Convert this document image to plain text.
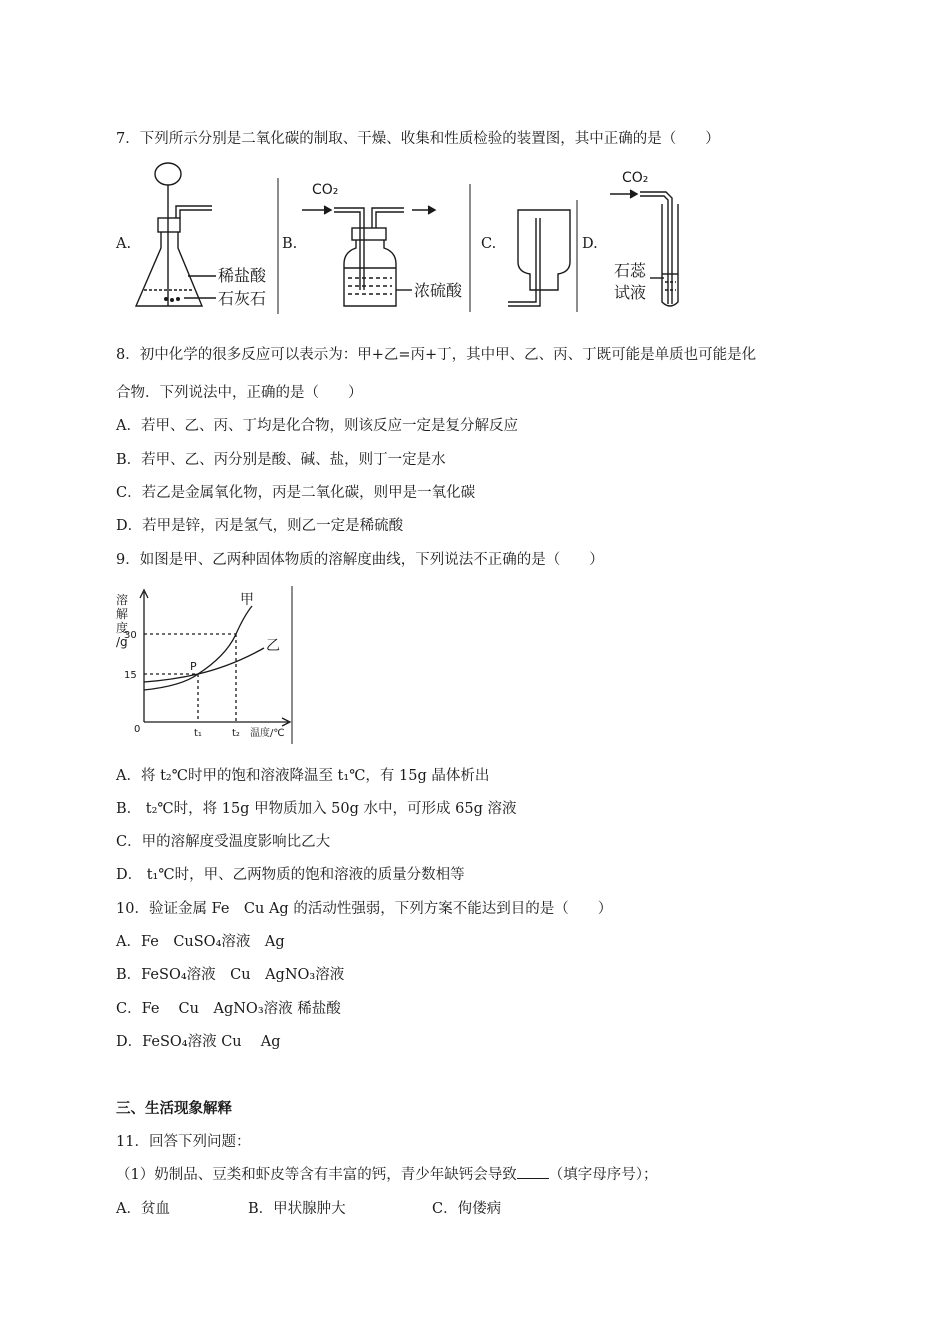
7．下列所示分别是二氧化碳的制取、干燥、收集和性质检验的装置图，其中正确的是（　　）
A.	B.	C.	D.
稀盐酸
石灰石
CO₂
浓硫酸
CO₂
石蕊
试液
8．初中化学的很多反应可以表示为：甲+乙=丙+丁，其中甲、乙、丙、丁既可能是单质也可能是化
合物．下列说法中，正确的是（　　）
A．若甲、乙、丙、丁均是化合物，则该反应一定是复分解反应
B．若甲、乙、丙分别是酸、碱、盐，则丁一定是水
C．若乙是金属氧化物，丙是二氧化碳，则甲是一氧化碳
D．若甲是锌，丙是氢气，则乙一定是稀硫酸
9．如图是甲、乙两种固体物质的溶解度曲线，下列说法不正确的是（　　）
溶
解
度
/g
30
15
0	t₁	t₂ 温度/℃
P
甲
乙
A．将 t₂℃时甲的饱和溶液降温至 t₁℃，有 15g 晶体析出
B． t₂℃时，将 15g 甲物质加入 50g 水中，可形成 65g 溶液
C．甲的溶解度受温度影响比乙大
D． t₁℃时，甲、乙两物质的饱和溶液的质量分数相等
10．验证金属 Fe　Cu Ag 的活动性强弱，下列方案不能达到目的是（　　）
A．Fe　CuSO₄溶液　Ag
B．FeSO₄溶液　Cu　AgNO₃溶液
C．Fe　 Cu　AgNO₃溶液 稀盐酸
D．FeSO₄溶液 Cu　 Ag
三、生活现象解释
11．回答下列问题：
（1）奶制品、豆类和虾皮等含有丰富的钙，青少年缺钙会导致 （填字母序号）；
A．贫血	B．甲状腺肿大	C．佝偻病
